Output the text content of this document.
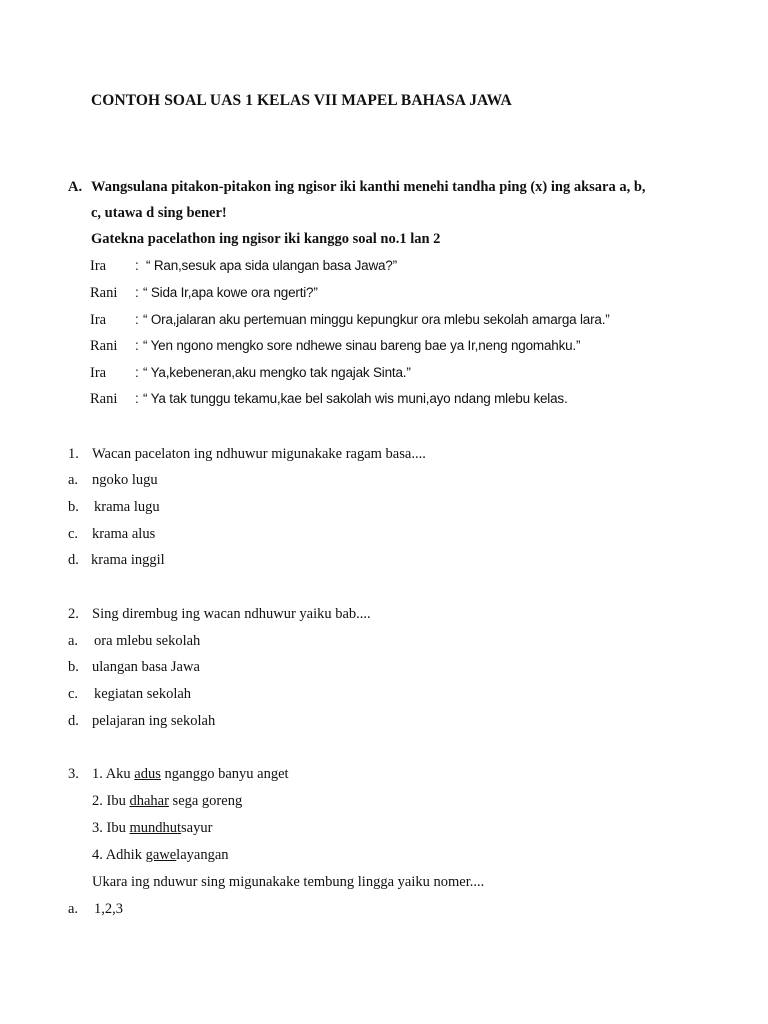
CONTOH SOAL UAS 1 KELAS VII MAPEL BAHASA JAWA
A. Wangsulana pitakon-pitakon ing ngisor iki kanthi menehi tandha ping (x) ing aksara a, b,
c, utawa d sing bener!
Gatekna pacelathon ing ngisor iki kanggo soal no.1 lan 2
Ira : “ Ran,sesuk apa sida ulangan basa Jawa?”
Rani : “ Sida Ir,apa kowe ora ngerti?”
Ira : “ Ora,jalaran aku pertemuan minggu kepungkur ora mlebu sekolah amarga lara.”
Rani : “ Yen ngono mengko sore ndhewe sinau bareng bae ya Ir,neng ngomahku.”
Ira : “ Ya,kebeneran,aku mengko tak ngajak Sinta.”
Rani : “ Ya tak tunggu tekamu,kae bel sakolah wis muni,ayo ndang mlebu kelas.
1. Wacan pacelaton ing ndhuwur migunakake ragam basa....
a. ngoko lugu
b. krama lugu
c. krama alus
d. krama inggil
2. Sing dirembug ing wacan ndhuwur yaiku bab....
a. ora mlebu sekolah
b. ulangan basa Jawa
c. kegiatan sekolah
d. pelajaran ing sekolah
3. 1. Aku adus nganggo banyu anget
2. Ibu dhahar sega goreng
3. Ibu mundhutsayur
4. Adhik gawelayangan
Ukara ing nduwur sing migunakake tembung lingga yaiku nomer....
a. 1,2,3
